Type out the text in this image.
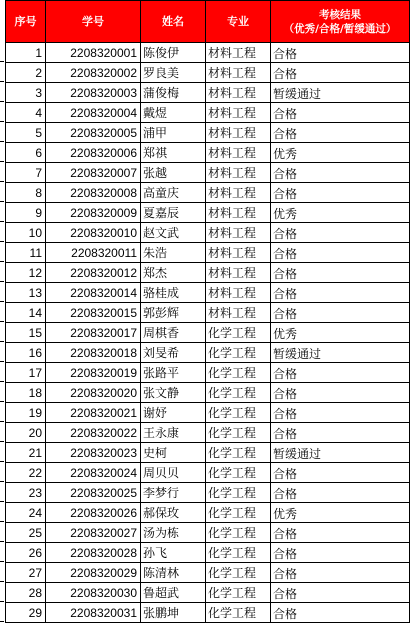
序号	学号	姓名	专业	考核结果
（优秀/合格/暂缓通过）

1	2208320001	陈俊伊	材料工程	合格
2	2208320002	罗良美	材料工程	合格
3	2208320003	蒲俊梅	材料工程	暂缓通过
4	2208320004	戴煜	材料工程	合格
5	2208320005	浦甲	材料工程	合格
6	2208320006	郑祺	材料工程	优秀
7	2208320007	张越	材料工程	合格
8	2208320008	高童庆	材料工程	合格
9	2208320009	夏嘉辰	材料工程	优秀
10	2208320010	赵文武	材料工程	合格
11	2208320011	朱浩	材料工程	合格
12	2208320012	郑杰	材料工程	合格
13	2208320014	骆桂成	材料工程	合格
14	2208320015	郭彭辉	材料工程	合格
15	2208320017	周棋香	化学工程	优秀
16	2208320018	刘旻希	化学工程	暂缓通过
17	2208320019	张路平	化学工程	合格
18	2208320020	张文静	化学工程	合格
19	2208320021	谢妤	化学工程	合格
20	2208320022	王永康	化学工程	合格
21	2208320023	史柯	化学工程	暂缓通过
22	2208320024	周贝贝	化学工程	合格
23	2208320025	李梦行	化学工程	合格
24	2208320026	郝保玫	化学工程	优秀
25	2208320027	汤为栋	化学工程	合格
26	2208320028	孙飞	化学工程	合格
27	2208320029	陈清林	化学工程	合格
28	2208320030	鲁超武	化学工程	合格
29	2208320031	张鹏坤	化学工程	合格
